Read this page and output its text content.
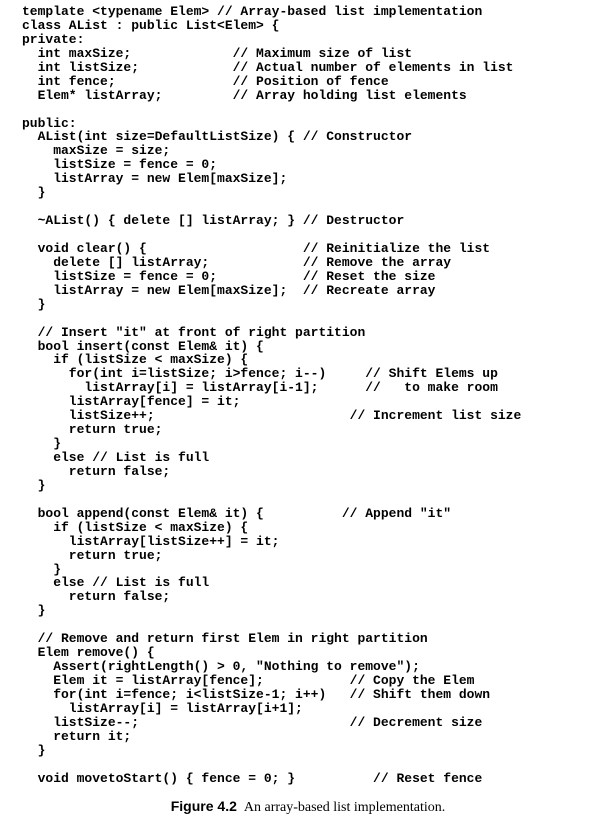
template <typename Elem> // Array-based list implementation
class AList : public List<Elem> {
private:
int maxSize;             // Maximum size of list
int listSize;            // Actual number of elements in list
int fence;               // Position of fence
Elem* listArray;         // Array holding list elements
public:
AList(int size=DefaultListSize) { // Constructor
maxSize = size;
listSize = fence = 0;
listArray = new Elem[maxSize];
}
~AList() { delete [] listArray; } // Destructor
void clear() {                    // Reinitialize the list
delete [] listArray;            // Remove the array
listSize = fence = 0;           // Reset the size
listArray = new Elem[maxSize];  // Recreate array
}
// Insert "it" at front of right partition
bool insert(const Elem& it) {
if (listSize < maxSize) {
for(int i=listSize; i>fence; i--)     // Shift Elems up
listArray[i] = listArray[i-1];      //   to make room
listArray[fence] = it;
listSize++;                         // Increment list size
return true;
}
else // List is full
return false;
}
bool append(const Elem& it) {          // Append "it"
if (listSize < maxSize) {
listArray[listSize++] = it;
return true;
}
else // List is full
return false;
}
// Remove and return first Elem in right partition
Elem remove() {
Assert(rightLength() > 0, "Nothing to remove");
Elem it = listArray[fence];           // Copy the Elem
for(int i=fence; i<listSize-1; i++)   // Shift them down
listArray[i] = listArray[i+1];
listSize--;                           // Decrement size
return it;
}
void movetoStart() { fence = 0; }          // Reset fence
Figure 4.2 An array-based list implementation.
